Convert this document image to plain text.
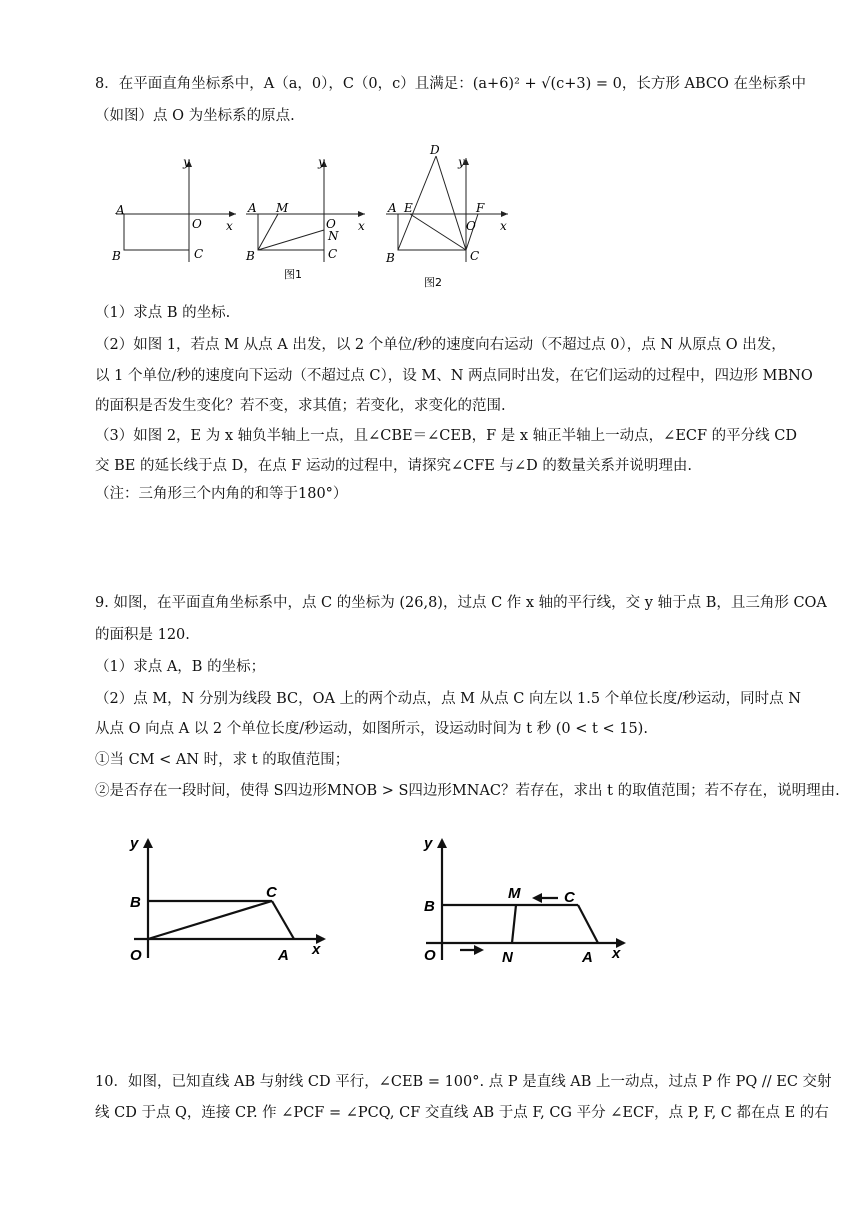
8．在平面直角坐标系中，A（a，0），C（0，c）且满足：(a+6)² + √(c+3) = 0，长方形 ABCO 在坐标系中
（如图）点 O 为坐标系的原点.
y
x
A
B	C
O
y
x
A M
B	C
O
N
图1
D
y
x
A E	F
O
B	C
图2
（1）求点 B 的坐标.
（2）如图 1，若点 M 从点 A 出发，以 2 个单位/秒的速度向右运动（不超过点 0），点 N 从原点 O 出发，
以 1 个单位/秒的速度向下运动（不超过点 C），设 M、N 两点同时出发，在它们运动的过程中，四边形 MBNO
的面积是否发生变化？若不变，求其值；若变化，求变化的范围.
（3）如图 2，E 为 x 轴负半轴上一点，且∠CBE＝∠CEB，F 是 x 轴正半轴上一动点，∠ECF 的平分线 CD
交 BE 的延长线于点 D，在点 F 运动的过程中，请探究∠CFE 与∠D 的数量关系并说明理由.
（注：三角形三个内角的和等于180°）
9. 如图，在平面直角坐标系中，点 C 的坐标为 (26,8)，过点 C 作 x 轴的平行线，交 y 轴于点 B，且三角形 COA
的面积是 120.
（1）求点 A，B 的坐标；
（2）点 M，N 分别为线段 BC，OA 上的两个动点，点 M 从点 C 向左以 1.5 个单位长度/秒运动，同时点 N
从点 O 向点 A 以 2 个单位长度/秒运动，如图所示，设运动时间为 t 秒 (0 < t < 15).
①当 CM < AN 时，求 t 的取值范围；
②是否存在一段时间，使得 S四边形MNOB > S四边形MNAC？若存在，求出 t 的取值范围；若不存在，说明理由.
y
x
B
C
O	A
y
x
B
M	C
O	N	A
10．如图，已知直线 AB 与射线 CD 平行，∠CEB = 100°. 点 P 是直线 AB 上一动点，过点 P 作 PQ // EC 交射
线 CD 于点 Q，连接 CP. 作 ∠PCF = ∠PCQ, CF 交直线 AB 于点 F, CG 平分 ∠ECF，点 P, F, C 都在点 E 的右
